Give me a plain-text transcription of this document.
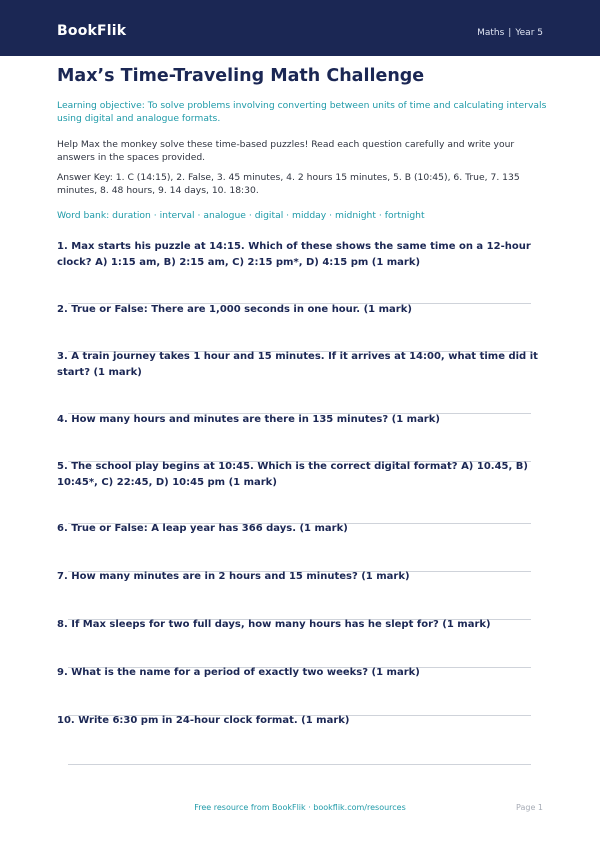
BookFlik	Maths | Year 5
Max’s Time-Traveling Math Challenge
Learning objective: To solve problems involving converting between units of time and calculating intervals using digital and analogue formats.
Help Max the monkey solve these time-based puzzles! Read each question carefully and write your answers in the spaces provided.
Answer Key: 1. C (14:15), 2. False, 3. 45 minutes, 4. 2 hours 15 minutes, 5. B (10:45), 6. True, 7. 135 minutes, 8. 48 hours, 9. 14 days, 10. 18:30.
Word bank: duration · interval · analogue · digital · midday · midnight · fortnight
1. Max starts his puzzle at 14:15. Which of these shows the same time on a 12-hour clock? A) 1:15 am, B) 2:15 am, C) 2:15 pm*, D) 4:15 pm (1 mark)
2. True or False: There are 1,000 seconds in one hour. (1 mark)
3. A train journey takes 1 hour and 15 minutes. If it arrives at 14:00, what time did it start? (1 mark)
4. How many hours and minutes are there in 135 minutes? (1 mark)
5. The school play begins at 10:45. Which is the correct digital format? A) 10.45, B) 10:45*, C) 22:45, D) 10:45 pm (1 mark)
6. True or False: A leap year has 366 days. (1 mark)
7. How many minutes are in 2 hours and 15 minutes? (1 mark)
8. If Max sleeps for two full days, how many hours has he slept for? (1 mark)
9. What is the name for a period of exactly two weeks? (1 mark)
10. Write 6:30 pm in 24-hour clock format. (1 mark)
Free resource from BookFlik · bookflik.com/resources	Page 1
